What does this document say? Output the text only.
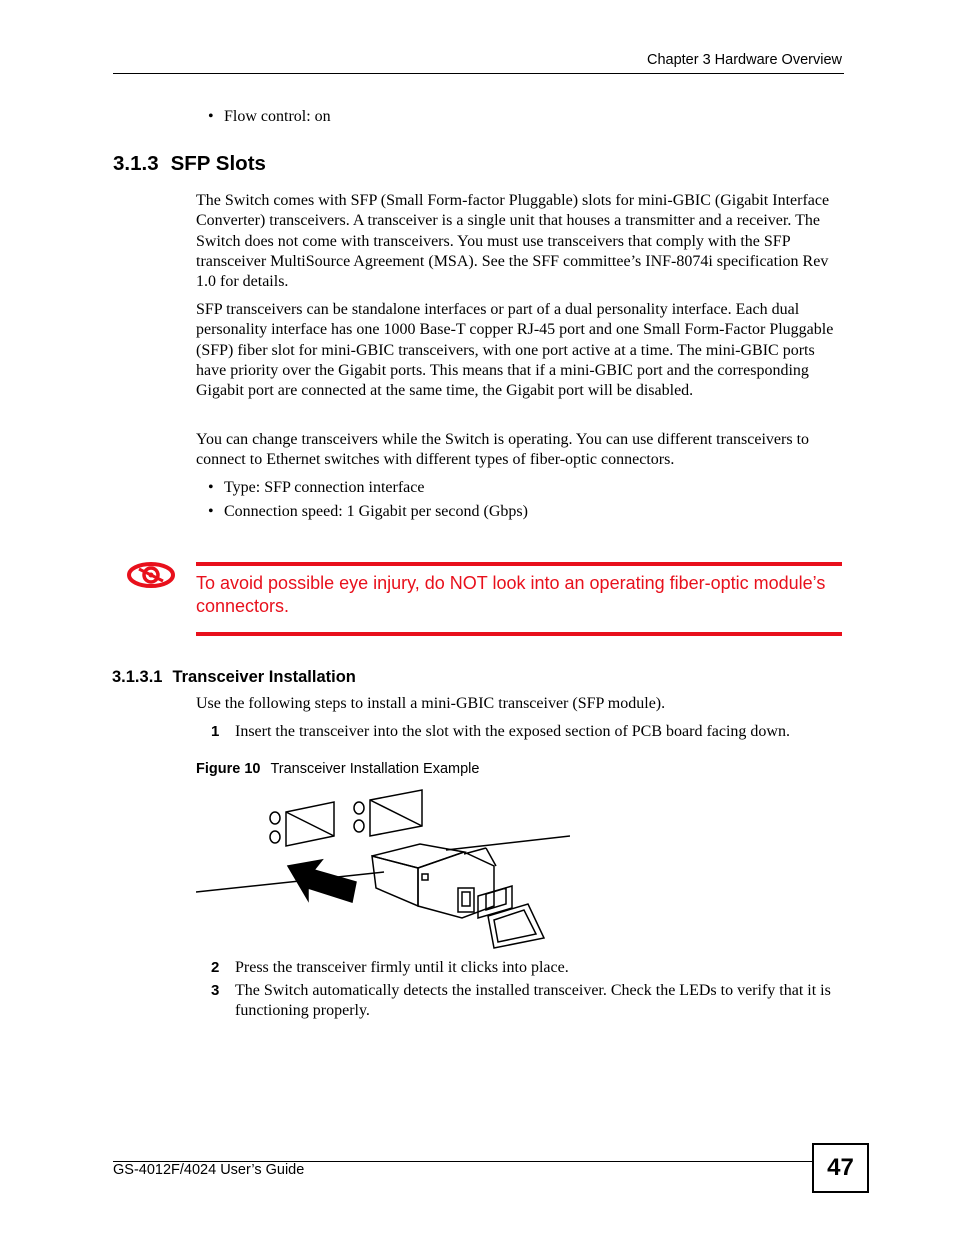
Chapter 3 Hardware Overview
• Flow control: on
3.1.3 SFP Slots
The Switch comes with SFP (Small Form-factor Pluggable) slots for mini-GBIC (Gigabit Interface Converter) transceivers. A transceiver is a single unit that houses a transmitter and a receiver. The Switch does not come with transceivers. You must use transceivers that comply with the SFP transceiver MultiSource Agreement (MSA). See the SFF committee’s INF-8074i specification Rev 1.0 for details.
SFP transceivers can be standalone interfaces or part of a dual personality interface. Each dual personality interface has one 1000 Base-T copper RJ-45 port and one Small Form-Factor Pluggable (SFP) fiber slot for mini-GBIC transceivers, with one port active at a time. The mini-GBIC ports have priority over the Gigabit ports. This means that if a mini-GBIC port and the corresponding Gigabit port are connected at the same time, the Gigabit port will be disabled.
You can change transceivers while the Switch is operating. You can use different transceivers to connect to Ethernet switches with different types of fiber-optic connectors.
• Type: SFP connection interface
• Connection speed: 1 Gigabit per second (Gbps)
To avoid possible eye injury, do NOT look into an operating fiber-optic module’s connectors.
3.1.3.1 Transceiver Installation
Use the following steps to install a mini-GBIC transceiver (SFP module).
1 Insert the transceiver into the slot with the exposed section of PCB board facing down.
Figure 10 Transceiver Installation Example
2 Press the transceiver firmly until it clicks into place.
3 The Switch automatically detects the installed transceiver. Check the LEDs to verify that it is functioning properly.
GS-4012F/4024 User’s Guide	47
